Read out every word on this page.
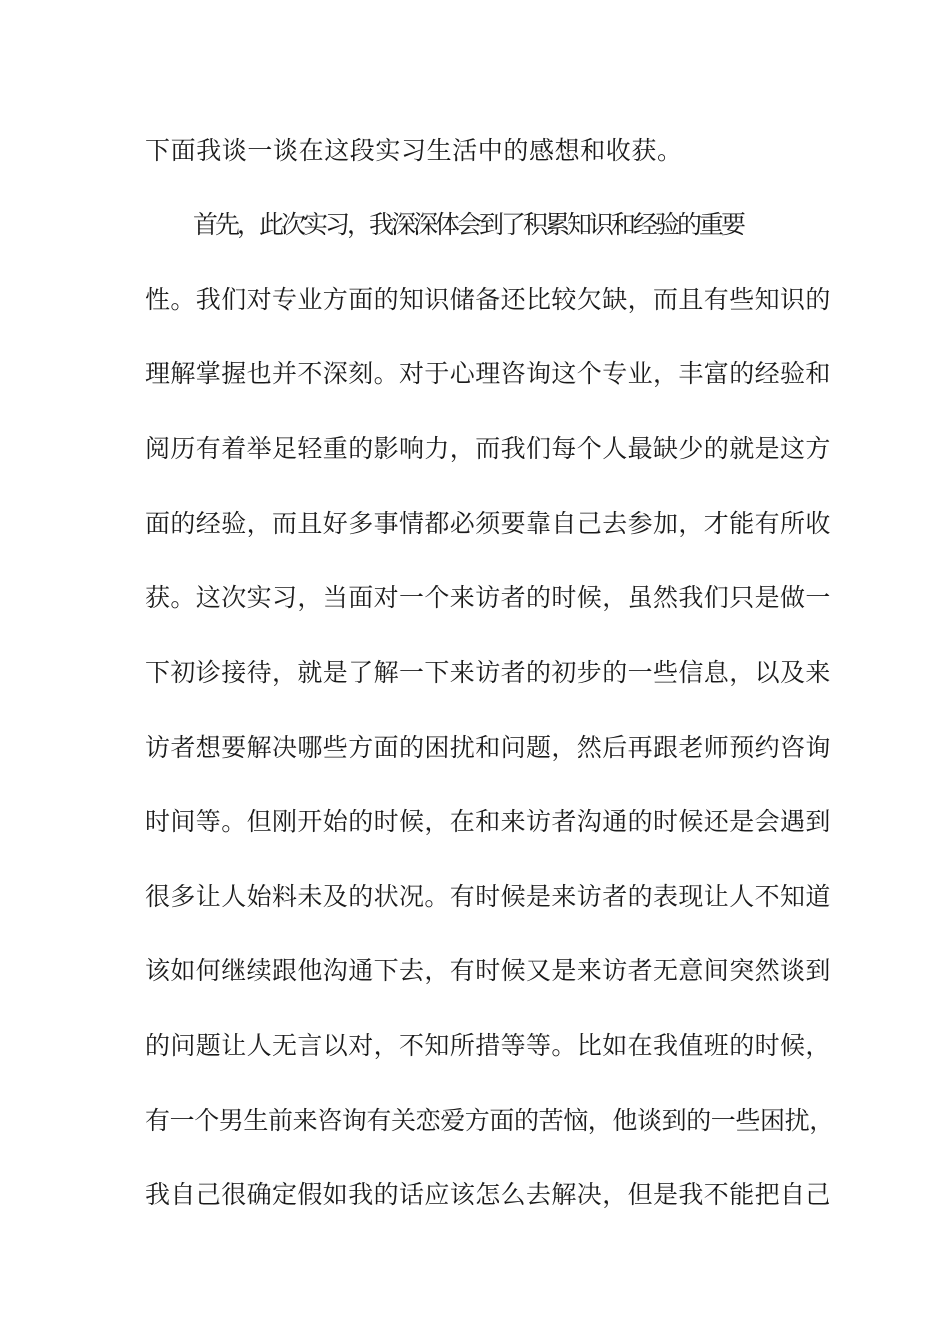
下面我谈一谈在这段实习生活中的感想和收获。
首先，此次实习，我深深体会到了积累知识和经验的重要
性。我们对专业方面的知识储备还比较欠缺，而且有些知识的
理解掌握也并不深刻。对于心理咨询这个专业，丰富的经验和
阅历有着举足轻重的影响力，而我们每个人最缺少的就是这方
面的经验，而且好多事情都必须要靠自己去参加，才能有所收
获。这次实习，当面对一个来访者的时候，虽然我们只是做一
下初诊接待，就是了解一下来访者的初步的一些信息，以及来
访者想要解决哪些方面的困扰和问题，然后再跟老师预约咨询
时间等。但刚开始的时候，在和来访者沟通的时候还是会遇到
很多让人始料未及的状况。有时候是来访者的表现让人不知道
该如何继续跟他沟通下去，有时候又是来访者无意间突然谈到
的问题让人无言以对，不知所措等等。比如在我值班的时候，
有一个男生前来咨询有关恋爱方面的苦恼，他谈到的一些困扰，
我自己很确定假如我的话应该怎么去解决，但是我不能把自己
